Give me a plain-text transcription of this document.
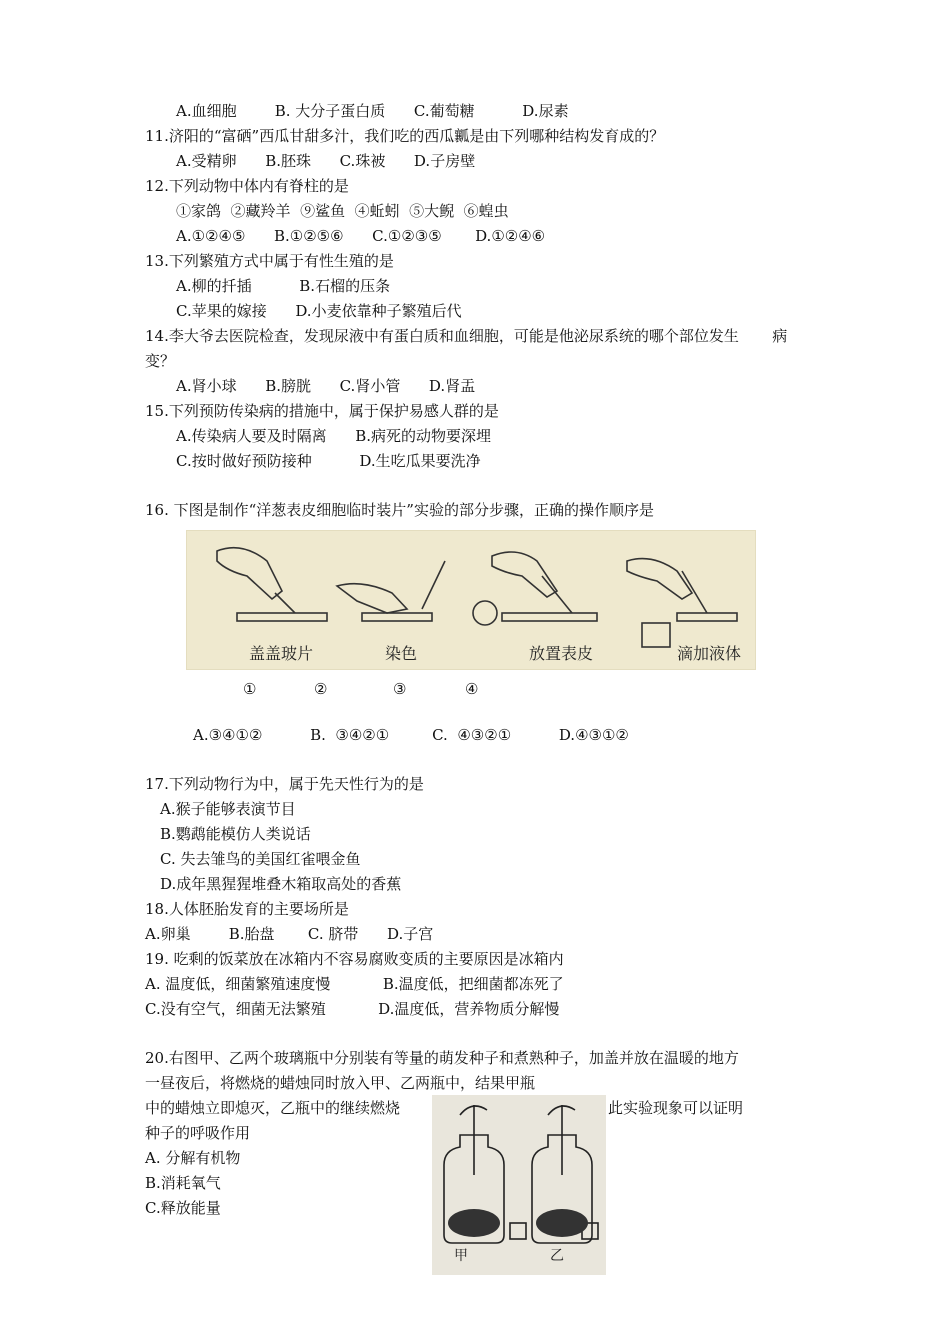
A.血细胞        B. 大分子蛋白质      C.葡萄糖          D.尿素
11.济阳的“富硒”西瓜甘甜多汁，我们吃的西瓜瓤是由下列哪种结构发育成的？
A.受精卵      B.胚珠      C.珠被      D.子房壁
12.下列动物中体内有脊柱的是
①家鸽  ②藏羚羊  ⑨鲨鱼  ④蚯蚓  ⑤大鲵  ⑥蝗虫
A.①②④⑤      B.①②⑤⑥      C.①②③⑤       D.①②④⑥
13.下列繁殖方式中属于有性生殖的是
A.柳的扦插          B.石榴的压条
C.苹果的嫁接      D.小麦依靠种子繁殖后代
14.李大爷去医院检查，发现尿液中有蛋白质和血细胞，可能是他泌尿系统的哪个部位发生       病
变？
A.肾小球      B.膀胱      C.肾小管      D.肾盂
15.下列预防传染病的措施中，属于保护易感人群的是
A.传染病人要及时隔离      B.病死的动物要深埋
C.按时做好预防接种          D.生吃瓜果要洗净
16. 下图是制作“洋葱表皮细胞临时装片”实验的部分步骤，正确的操作顺序是
盖盖玻片	染色	放置表皮	滴加液体
①	②	③	④
A.③④①②          B.  ③④②①         C.  ④③②①          D.④③①②
17.下列动物行为中，属于先天性行为的是
A.猴子能够表演节目
B.鹦鹉能模仿人类说话
C. 失去雏鸟的美国红雀喂金鱼
D.成年黑猩猩堆叠木箱取高处的香蕉
18.人体胚胎发育的主要场所是
A.卵巢        B.胎盘       C. 脐带      D.子宫
19. 吃剩的饭菜放在冰箱内不容易腐败变质的主要原因是冰箱内
A. 温度低，细菌繁殖速度慢           B.温度低，把细菌都冻死了
C.没有空气，细菌无法繁殖           D.温度低，营养物质分解慢
20.右图甲、乙两个玻璃瓶中分别装有等量的萌发种子和煮熟种子，加盖并放在温暖的地方
一昼夜后，将燃烧的蜡烛同时放入甲、乙两瓶中，结果甲瓶
中的蜡烛立即熄灭，乙瓶中的继续燃烧	此实验现象可以证明
种子的呼吸作用
A. 分解有机物
B.消耗氧气
C.释放能量
甲	乙
